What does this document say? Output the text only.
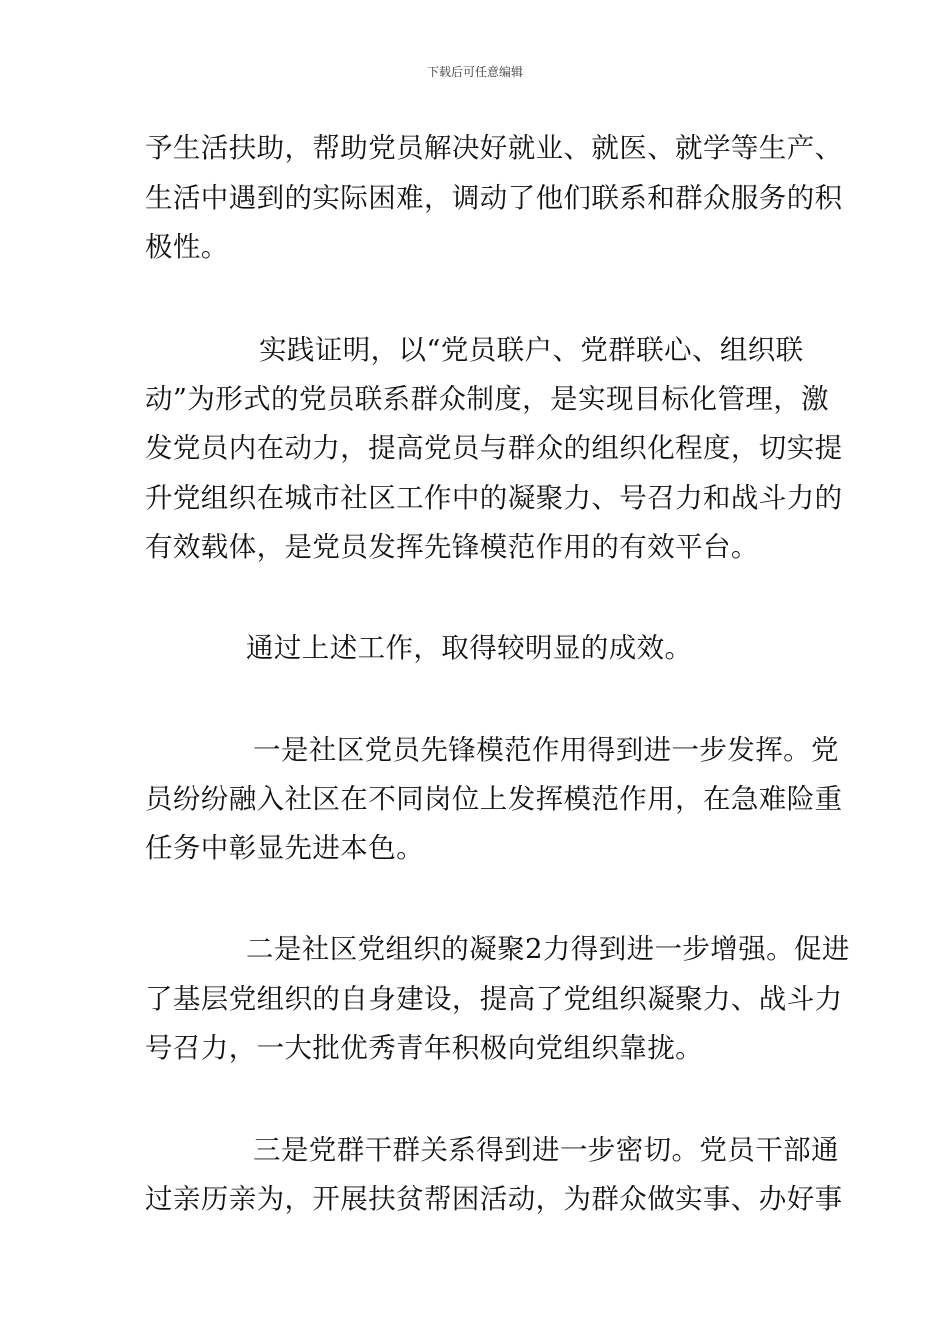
下载后可任意编辑
予生活扶助，帮助党员解决好就业、就医、就学等生产、
生活中遇到的实际困难，调动了他们联系和群众服务的积
极性。
实践证明，以“党员联户、党群联心、组织联
动”为形式的党员联系群众制度，是实现目标化管理，激
发党员内在动力，提高党员与群众的组织化程度，切实提
升党组织在城市社区工作中的凝聚力、号召力和战斗力的
有效载体，是党员发挥先锋模范作用的有效平台。
通过上述工作，取得较明显的成效。
一是社区党员先锋模范作用得到进一步发挥。党
员纷纷融入社区在不同岗位上发挥模范作用，在急难险重
任务中彰显先进本色。
二是社区党组织的凝聚2力得到进一步增强。促进
了基层党组织的自身建设，提高了党组织凝聚力、战斗力
号召力，一大批优秀青年积极向党组织靠拢。
三是党群干群关系得到进一步密切。党员干部通
过亲历亲为，开展扶贫帮困活动，为群众做实事、办好事
